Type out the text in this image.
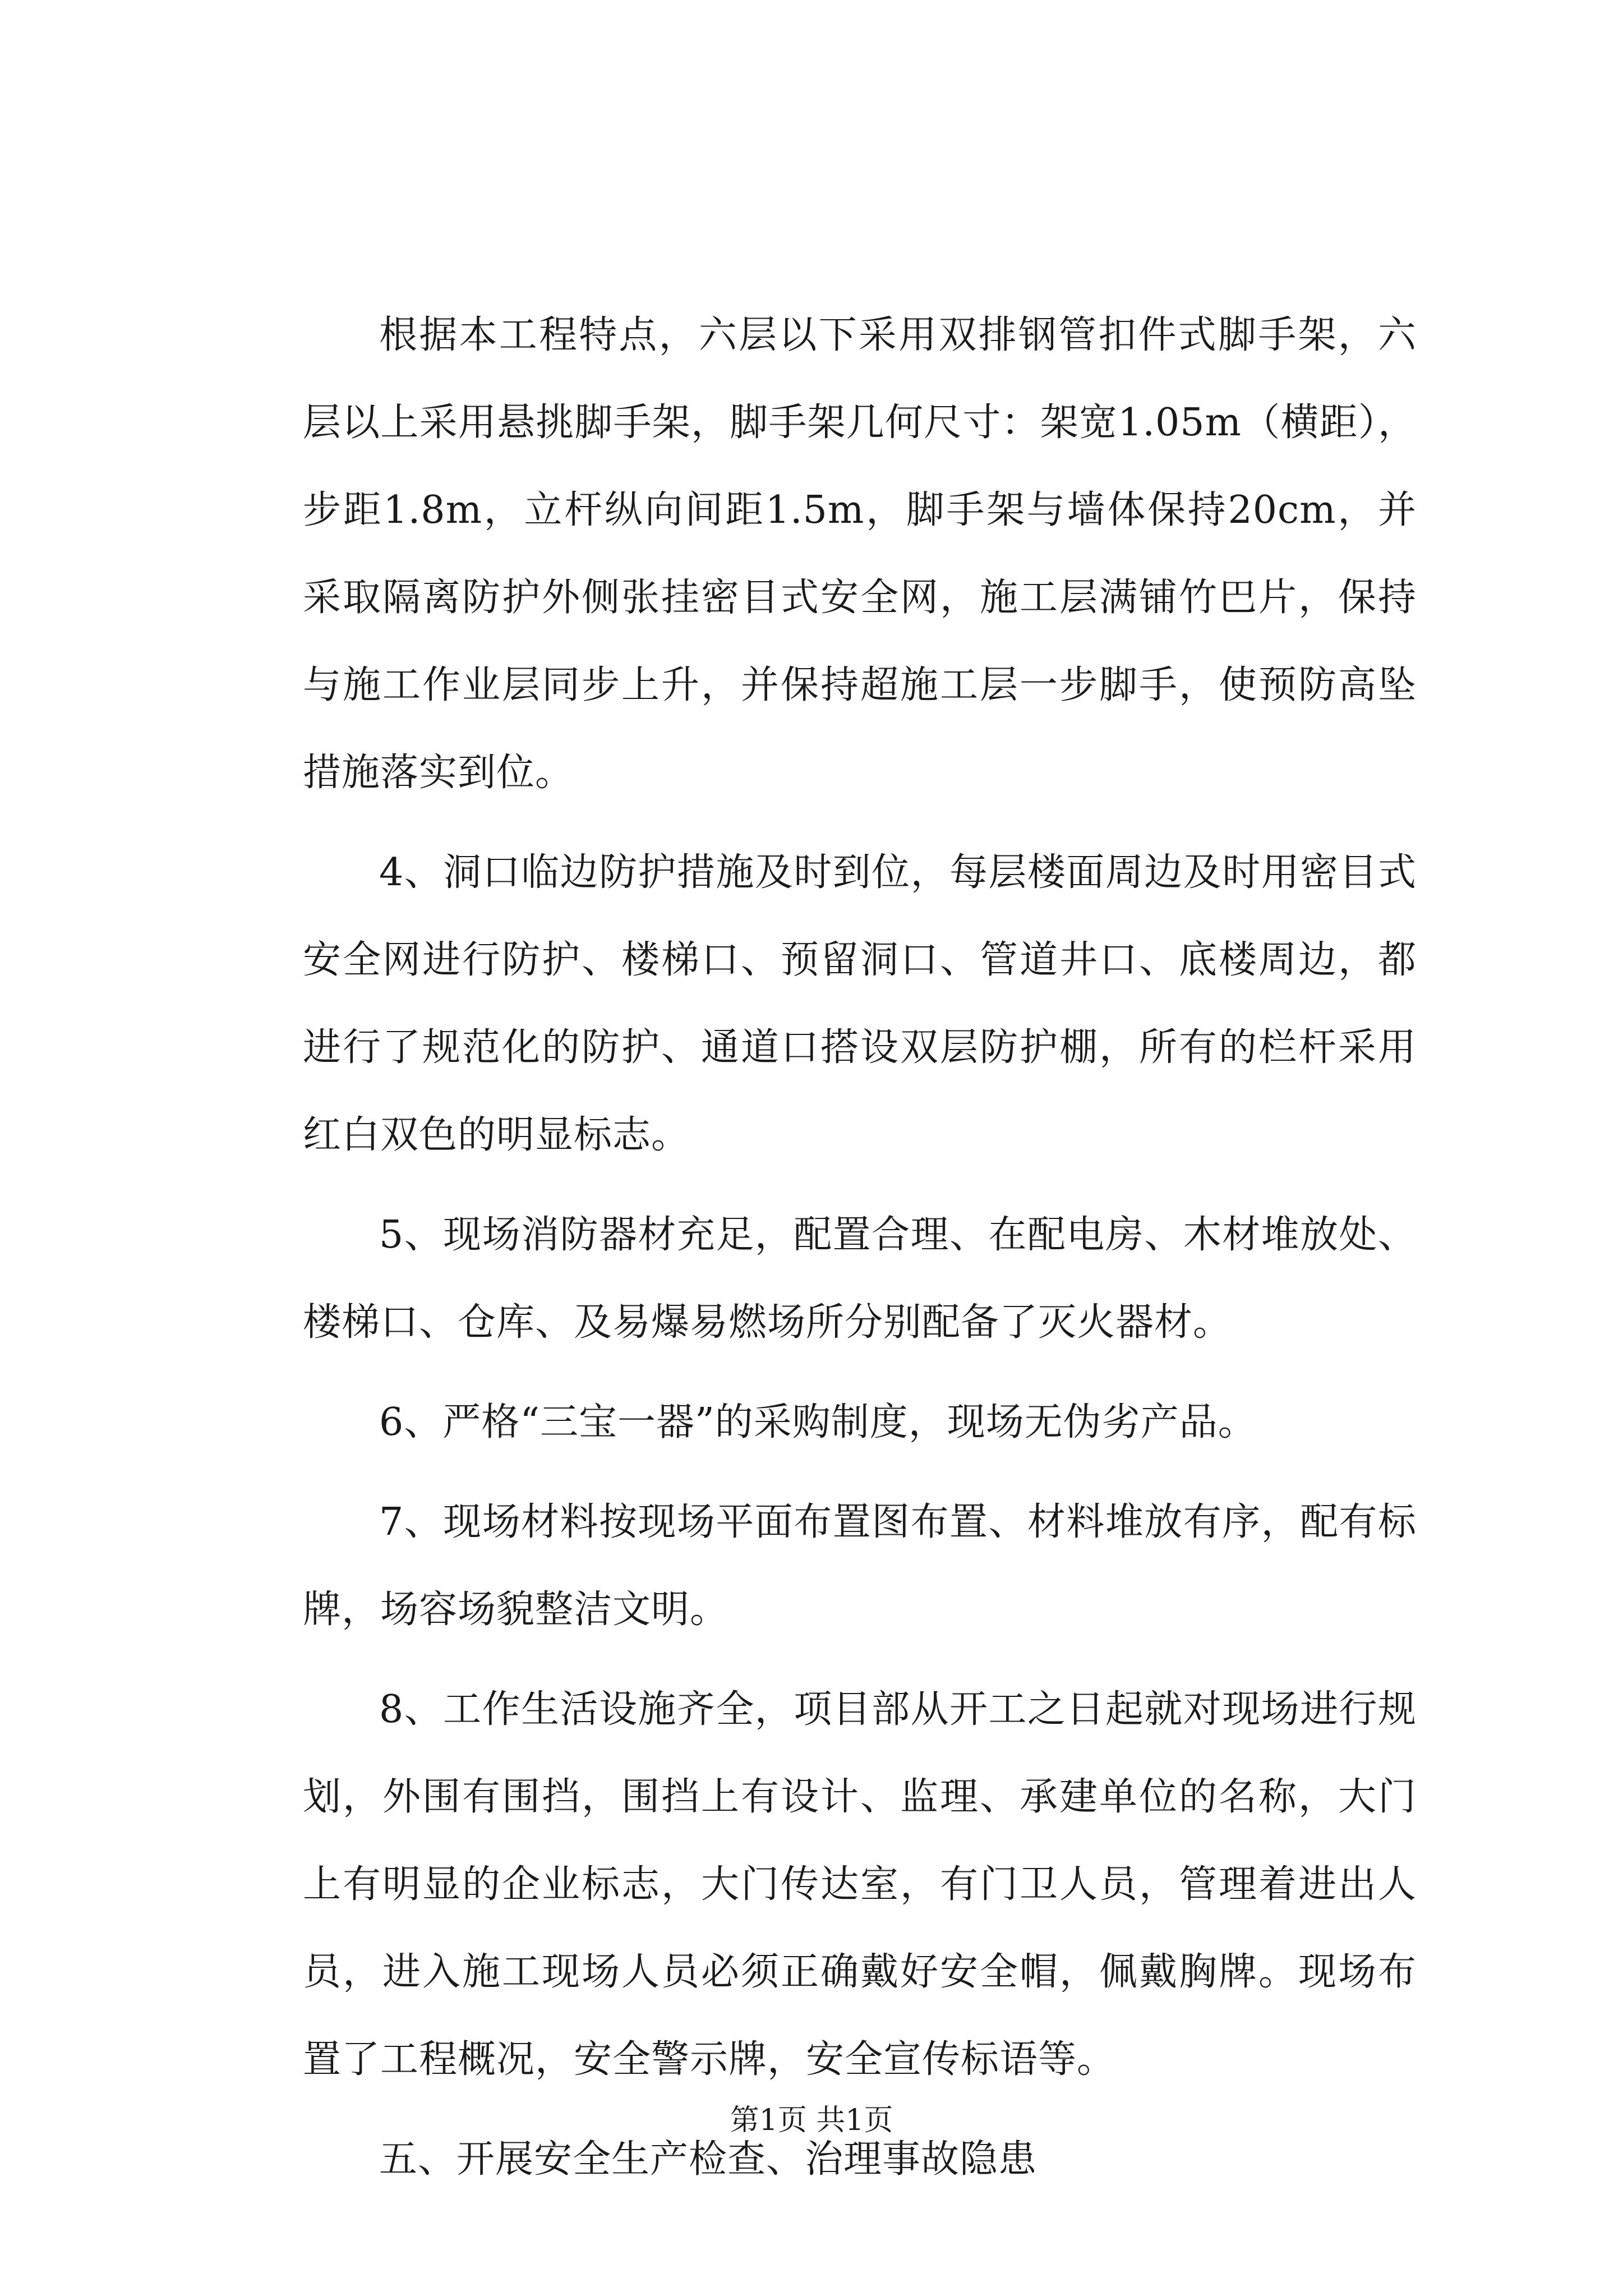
根据本工程特点，六层以下采用双排钢管扣件式脚手架，六层以上采用悬挑脚手架，脚手架几何尺寸：架宽1.05m（横距），步距1.8m，立杆纵向间距1.5m，脚手架与墙体保持20cm，并采取隔离防护外侧张挂密目式安全网，施工层满铺竹巴片，保持与施工作业层同步上升，并保持超施工层一步脚手，使预防高坠措施落实到位。

4、洞口临边防护措施及时到位，每层楼面周边及时用密目式安全网进行防护、楼梯口、预留洞口、管道井口、底楼周边，都进行了规范化的防护、通道口搭设双层防护棚，所有的栏杆采用红白双色的明显标志。

5、现场消防器材充足，配置合理、在配电房、木材堆放处、楼梯口、仓库、及易爆易燃场所分别配备了灭火器材。

6、严格“三宝一器”的采购制度，现场无伪劣产品。

7、现场材料按现场平面布置图布置、材料堆放有序，配有标牌，场容场貌整洁文明。

8、工作生活设施齐全，项目部从开工之日起就对现场进行规划，外围有围挡，围挡上有设计、监理、承建单位的名称，大门上有明显的企业标志，大门传达室，有门卫人员，管理着进出人员，进入施工现场人员必须正确戴好安全帽，佩戴胸牌。现场布置了工程概况，安全警示牌，安全宣传标语等。

五、开展安全生产检查、治理事故隐患

第1页 共1页
